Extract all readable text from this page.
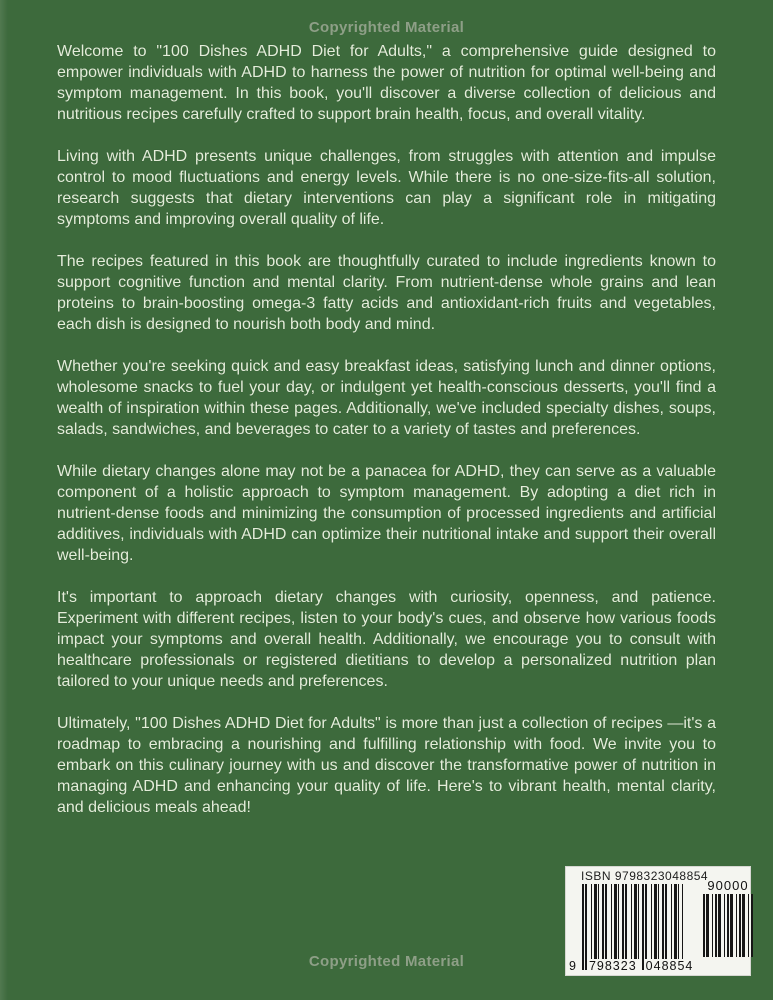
Copyrighted Material

Welcome to "100 Dishes ADHD Diet for Adults," a comprehensive guide designed to empower individuals with ADHD to harness the power of nutrition for optimal well-being and symptom management. In this book, you'll discover a diverse collection of delicious and nutritious recipes carefully crafted to support brain health, focus, and overall vitality.

Living with ADHD presents unique challenges, from struggles with attention and impulse control to mood fluctuations and energy levels. While there is no one-size-fits-all solution, research suggests that dietary interventions can play a significant role in mitigating symptoms and improving overall quality of life.

The recipes featured in this book are thoughtfully curated to include ingredients known to support cognitive function and mental clarity. From nutrient-dense whole grains and lean proteins to brain-boosting omega-3 fatty acids and antioxidant-rich fruits and vegetables, each dish is designed to nourish both body and mind.

Whether you're seeking quick and easy breakfast ideas, satisfying lunch and dinner options, wholesome snacks to fuel your day, or indulgent yet health-conscious desserts, you'll find a wealth of inspiration within these pages. Additionally, we've included specialty dishes, soups, salads, sandwiches, and beverages to cater to a variety of tastes and preferences.

While dietary changes alone may not be a panacea for ADHD, they can serve as a valuable component of a holistic approach to symptom management. By adopting a diet rich in nutrient-dense foods and minimizing the consumption of processed ingredients and artificial additives, individuals with ADHD can optimize their nutritional intake and support their overall well-being.

It's important to approach dietary changes with curiosity, openness, and patience. Experiment with different recipes, listen to your body's cues, and observe how various foods impact your symptoms and overall health. Additionally, we encourage you to consult with healthcare professionals or registered dietitians to develop a personalized nutrition plan tailored to your unique needs and preferences.

Ultimately, "100 Dishes ADHD Diet for Adults" is more than just a collection of recipes —it's a roadmap to embracing a nourishing and fulfilling relationship with food. We invite you to embark on this culinary journey with us and discover the transformative power of nutrition in managing ADHD and enhancing your quality of life. Here's to vibrant health, mental clarity, and delicious meals ahead!

ISBN 9798323048854
9 798323 048854
90000
Copyrighted Material
